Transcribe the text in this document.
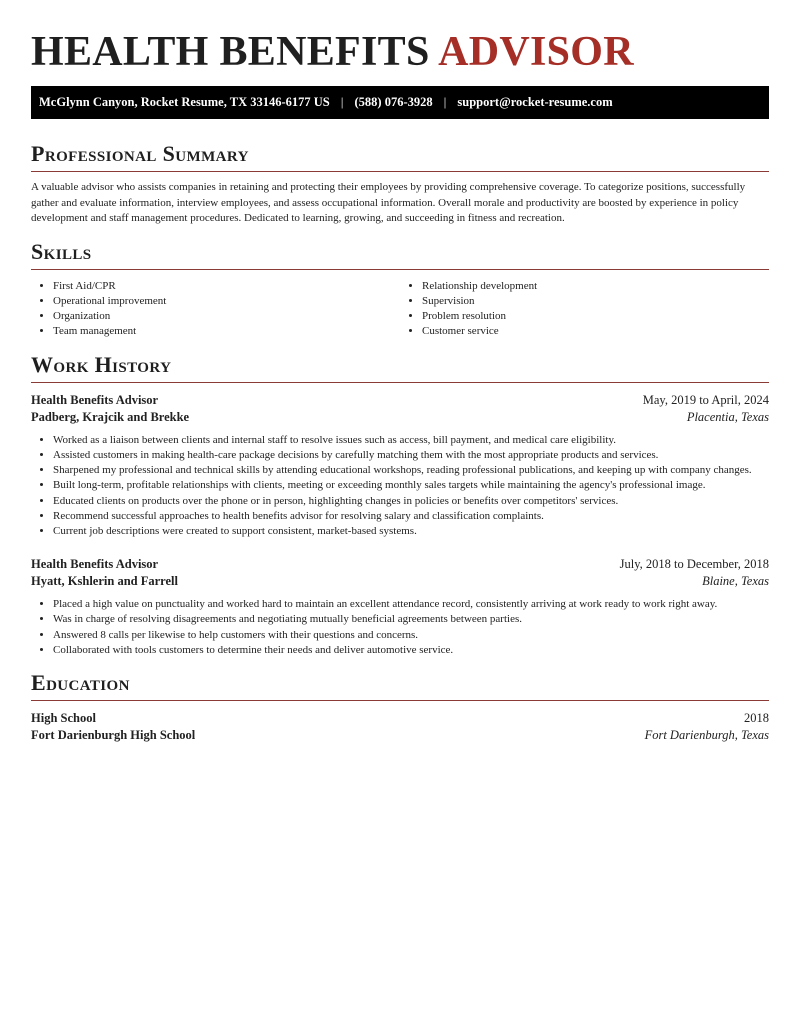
HEALTH BENEFITS ADVISOR
McGlynn Canyon, Rocket Resume, TX 33146-6177 US | (588) 076-3928 | support@rocket-resume.com
Professional Summary

A valuable advisor who assists companies in retaining and protecting their employees by providing comprehensive coverage. To categorize positions, successfully gather and evaluate information, interview employees, and assess occupational information. Overall morale and productivity are boosted by experience in policy development and staff management procedures. Dedicated to learning, growing, and succeeding in fitness and recreation.

Skills
• First Aid/CPR
• Operational improvement
• Organization
• Team management
• Relationship development
• Supervision
• Problem resolution
• Customer service
Work History
Health Benefits Advisor	May, 2019 to April, 2024
Padberg, Krajcik and Brekke	Placentia, Texas
• Worked as a liaison between clients and internal staff to resolve issues such as access, bill payment, and medical care eligibility.
• Assisted customers in making health-care package decisions by carefully matching them with the most appropriate products and services.
• Sharpened my professional and technical skills by attending educational workshops, reading professional publications, and keeping up with company changes.
• Built long-term, profitable relationships with clients, meeting or exceeding monthly sales targets while maintaining the agency's professional image.
• Educated clients on products over the phone or in person, highlighting changes in policies or benefits over competitors' services.
• Recommend successful approaches to health benefits advisor for resolving salary and classification complaints.
• Current job descriptions were created to support consistent, market-based systems.
Health Benefits Advisor	July, 2018 to December, 2018
Hyatt, Kshlerin and Farrell	Blaine, Texas
• Placed a high value on punctuality and worked hard to maintain an excellent attendance record, consistently arriving at work ready to work right away.
• Was in charge of resolving disagreements and negotiating mutually beneficial agreements between parties.
• Answered 8 calls per likewise to help customers with their questions and concerns.
• Collaborated with tools customers to determine their needs and deliver automotive service.
Education
High School	2018
Fort Darienburgh High School	Fort Darienburgh, Texas
